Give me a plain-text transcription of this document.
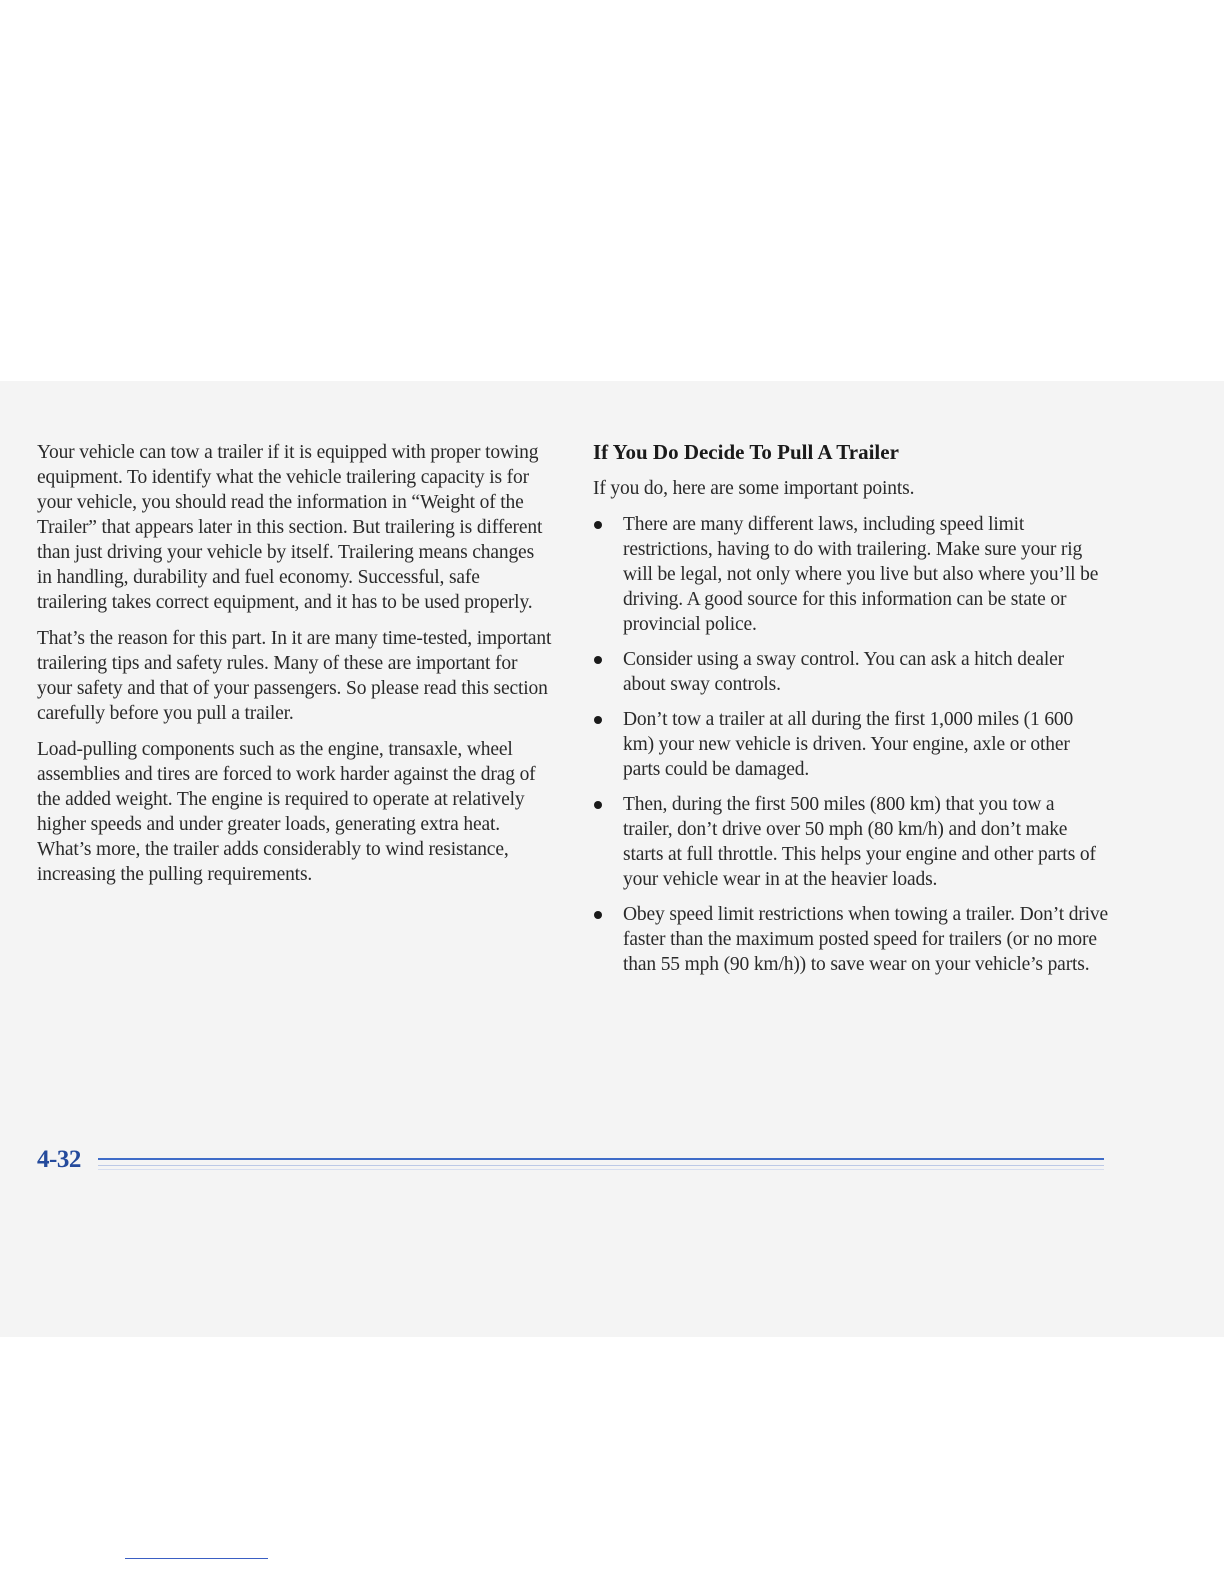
Your vehicle can tow a trailer if it is equipped with proper towing equipment. To identify what the vehicle trailering capacity is for your vehicle, you should read the information in “Weight of the Trailer” that appears later in this section. But trailering is different than just driving your vehicle by itself. Trailering means changes in handling, durability and fuel economy. Successful, safe trailering takes correct equipment, and it has to be used properly.

That’s the reason for this part. In it are many time-tested, important trailering tips and safety rules. Many of these are important for your safety and that of your passengers. So please read this section carefully before you pull a trailer.

Load-pulling components such as the engine, transaxle, wheel assemblies and tires are forced to work harder against the drag of the added weight. The engine is required to operate at relatively higher speeds and under greater loads, generating extra heat. What’s more, the trailer adds considerably to wind resistance, increasing the pulling requirements.

If You Do Decide To Pull A Trailer

If you do, here are some important points.

There are many different laws, including speed limit restrictions, having to do with trailering. Make sure your rig will be legal, not only where you live but also where you’ll be driving. A good source for this information can be state or provincial police.

Consider using a sway control. You can ask a hitch dealer about sway controls.

Don’t tow a trailer at all during the first 1,000 miles (1 600 km) your new vehicle is driven. Your engine, axle or other parts could be damaged.

Then, during the first 500 miles (800 km) that you tow a trailer, don’t drive over 50 mph (80 km/h) and don’t make starts at full throttle. This helps your engine and other parts of your vehicle wear in at the heavier loads.

Obey speed limit restrictions when towing a trailer. Don’t drive faster than the maximum posted speed for trailers (or no more than 55 mph (90 km/h)) to save wear on your vehicle’s parts.

4-32
